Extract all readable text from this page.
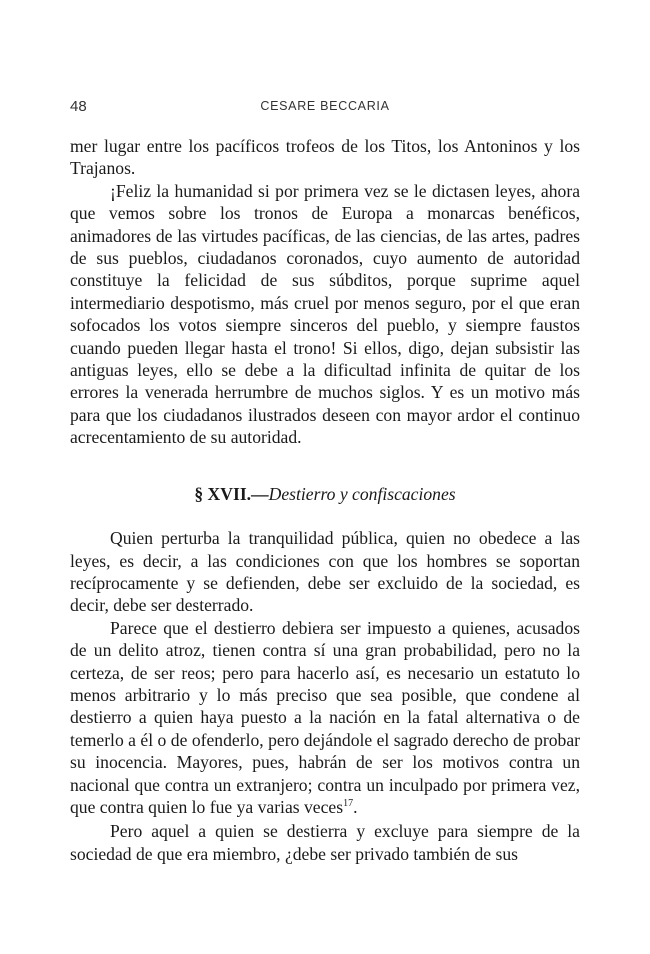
48	CESARE BECCARIA

mer lugar entre los pacíficos trofeos de los Titos, los Antoninos y los Trajanos.

¡Feliz la humanidad si por primera vez se le dictasen leyes, ahora que vemos sobre los tronos de Europa a monarcas benéficos, animadores de las virtudes pacíficas, de las ciencias, de las artes, padres de sus pueblos, ciudadanos coronados, cuyo aumento de autoridad constituye la felicidad de sus súbditos, porque suprime aquel intermediario despotismo, más cruel por menos seguro, por el que eran sofocados los votos siempre sinceros del pueblo, y siempre faustos cuando pueden llegar hasta el trono! Si ellos, digo, dejan subsistir las antiguas leyes, ello se debe a la dificultad infinita de quitar de los errores la venerada herrumbre de muchos siglos. Y es un motivo más para que los ciudadanos ilustrados deseen con mayor ardor el continuo acrecentamiento de su autoridad.

§ XVII.—Destierro y confiscaciones

Quien perturba la tranquilidad pública, quien no obedece a las leyes, es decir, a las condiciones con que los hombres se soportan recíprocamente y se defienden, debe ser excluido de la sociedad, es decir, debe ser desterrado.

Parece que el destierro debiera ser impuesto a quienes, acusados de un delito atroz, tienen contra sí una gran probabilidad, pero no la certeza, de ser reos; pero para hacerlo así, es necesario un estatuto lo menos arbitrario y lo más preciso que sea posible, que condene al destierro a quien haya puesto a la nación en la fatal alternativa o de temerlo a él o de ofenderlo, pero dejándole el sagrado derecho de probar su inocencia. Mayores, pues, habrán de ser los motivos contra un nacional que contra un extranjero; contra un inculpado por primera vez, que contra quien lo fue ya varias veces$^{17}$.

Pero aquel a quien se destierra y excluye para siempre de la sociedad de que era miembro, ¿debe ser privado también de sus
